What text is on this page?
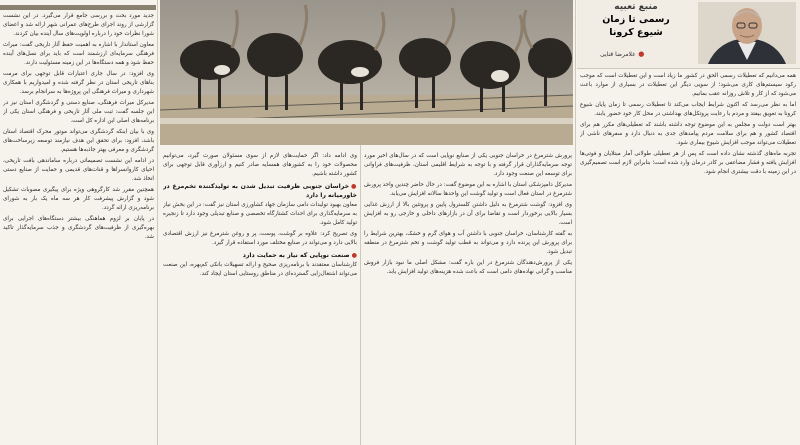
جدید مورد بحث و بررسی جامع قرار می‌گیرد. در این نشست گزارشی از روند اجرای طرح‌های عمرانی شهر ارائه شد و اعضای شورا نظرات خود را درباره اولویت‌های سال آینده بیان کردند.

معاون استاندار با اشاره به اهمیت حفظ آثار تاریخی گفت: میراث فرهنگی سرمایه‌ای ارزشمند است که باید برای نسل‌های آینده حفظ شود و همه دستگاه‌ها در این زمینه مسئولیت دارند.

وی افزود: در سال جاری اعتبارات قابل توجهی برای مرمت بناهای تاریخی استان در نظر گرفته شده و امیدواریم با همکاری شهرداری و میراث فرهنگی این پروژه‌ها به سرانجام برسد.

مدیرکل میراث فرهنگی، صنایع دستی و گردشگری استان نیز در این جلسه گفت: ثبت ملی آثار تاریخی و فرهنگی استان یکی از برنامه‌های اصلی این اداره کل است.

وی با بیان اینکه گردشگری می‌تواند موتور محرک اقتصاد استان باشد، افزود: برای تحقق این هدف نیازمند توسعه زیرساخت‌های گردشگری و معرفی بهتر جاذبه‌ها هستیم.

در ادامه این نشست تصمیماتی درباره ساماندهی بافت تاریخی، احیای کاروانسراها و قنات‌های قدیمی و حمایت از صنایع دستی اتخاذ شد.

همچنین مقرر شد کارگروهی ویژه برای پیگیری مصوبات تشکیل شود و گزارش پیشرفت کار هر سه ماه یک بار به شورای برنامه‌ریزی ارائه گردد.

در پایان بر لزوم هماهنگی بیشتر دستگاه‌های اجرایی برای بهره‌گیری از ظرفیت‌های گردشگری و جذب سرمایه‌گذار تاکید شد.

وی ادامه داد: اگر حمایت‌های لازم از سوی مسئولان صورت گیرد، می‌توانیم محصولات خود را به کشورهای همسایه صادر کنیم و ارزآوری قابل توجهی برای کشور داشته باشیم.

●خراسان جنوبی ظرفیت تبدیل شدن به تولیدکننده تخم‌مرغ در خاورمیانه را دارد

معاون بهبود تولیدات دامی سازمان جهاد کشاورزی استان نیز گفت: در این بخش نیاز به سرمایه‌گذاری برای احداث کشتارگاه تخصصی و صنایع تبدیلی وجود دارد تا زنجیره تولید کامل شود.

وی تصریح کرد: علاوه بر گوشت، پوست، پر و روغن شترمرغ نیز ارزش اقتصادی بالایی دارد و می‌تواند در صنایع مختلف مورد استفاده قرار گیرد.

●صنعت نوپایی که نیاز به حمایت دارد

کارشناسان معتقدند با برنامه‌ریزی صحیح و ارائه تسهیلات بانکی کم‌بهره، این صنعت می‌تواند اشتغال‌زایی گسترده‌ای در مناطق روستایی استان ایجاد کند.

پرورش شترمرغ در خراسان جنوبی یکی از صنایع نوپایی است که در سال‌های اخیر مورد توجه سرمایه‌گذاران قرار گرفته و با توجه به شرایط اقلیمی استان، ظرفیت‌های فراوانی برای توسعه این صنعت وجود دارد.

مدیرکل دامپزشکی استان با اشاره به این موضوع گفت: در حال حاضر چندین واحد پرورش شترمرغ در استان فعال است و تولید گوشت این واحدها سالانه افزایش می‌یابد.

وی افزود: گوشت شترمرغ به دلیل داشتن کلسترول پایین و پروتئین بالا از ارزش غذایی بسیار بالایی برخوردار است و تقاضا برای آن در بازارهای داخلی و خارجی رو به افزایش است.

به گفته کارشناسان، خراسان جنوبی با داشتن آب و هوای گرم و خشک، بهترین شرایط را برای پرورش این پرنده دارد و می‌تواند به قطب تولید گوشت و تخم شترمرغ در منطقه تبدیل شود.

یکی از پرورش‌دهندگان شترمرغ در این باره گفت: مشکل اصلی ما نبود بازار فروش مناسب و گرانی نهاده‌های دامی است که باعث شده هزینه‌های تولید افزایش یابد.

منبع تعبیه
رسمی تا زمان
شیوع کرونا
●غلامرضا قنایی

همه می‌دانیم که تعطیلات رسمی الحق در کشور ما زیاد است و این تعطیلات است که موجب رکود سیستم‌های کاری می‌شود؛ از سویی دیگر این تعطیلات در بسیاری از موارد باعث می‌شود که از کار و تلاش روزانه عقب بمانیم.

اما به نظر می‌رسد که اکنون شرایط ایجاب می‌کند تا تعطیلات رسمی تا زمان پایان شیوع کرونا به تعویق بیفتد و مردم با رعایت پروتکل‌های بهداشتی در محل کار خود حضور یابند.

بهتر است دولت و مجلس به این موضوع توجه داشته باشند که تعطیلی‌های مکرر هم برای اقتصاد کشور و هم برای سلامت مردم پیامدهای جدی به دنبال دارد و سفرهای ناشی از تعطیلات می‌تواند موجب افزایش شیوع بیماری شود.

تجربه ماه‌های گذشته نشان داده است که پس از هر تعطیلی طولانی آمار مبتلایان و فوتی‌ها افزایش یافته و فشار مضاعفی بر کادر درمان وارد شده است؛ بنابراین لازم است تصمیم‌گیری در این زمینه با دقت بیشتری انجام شود.
